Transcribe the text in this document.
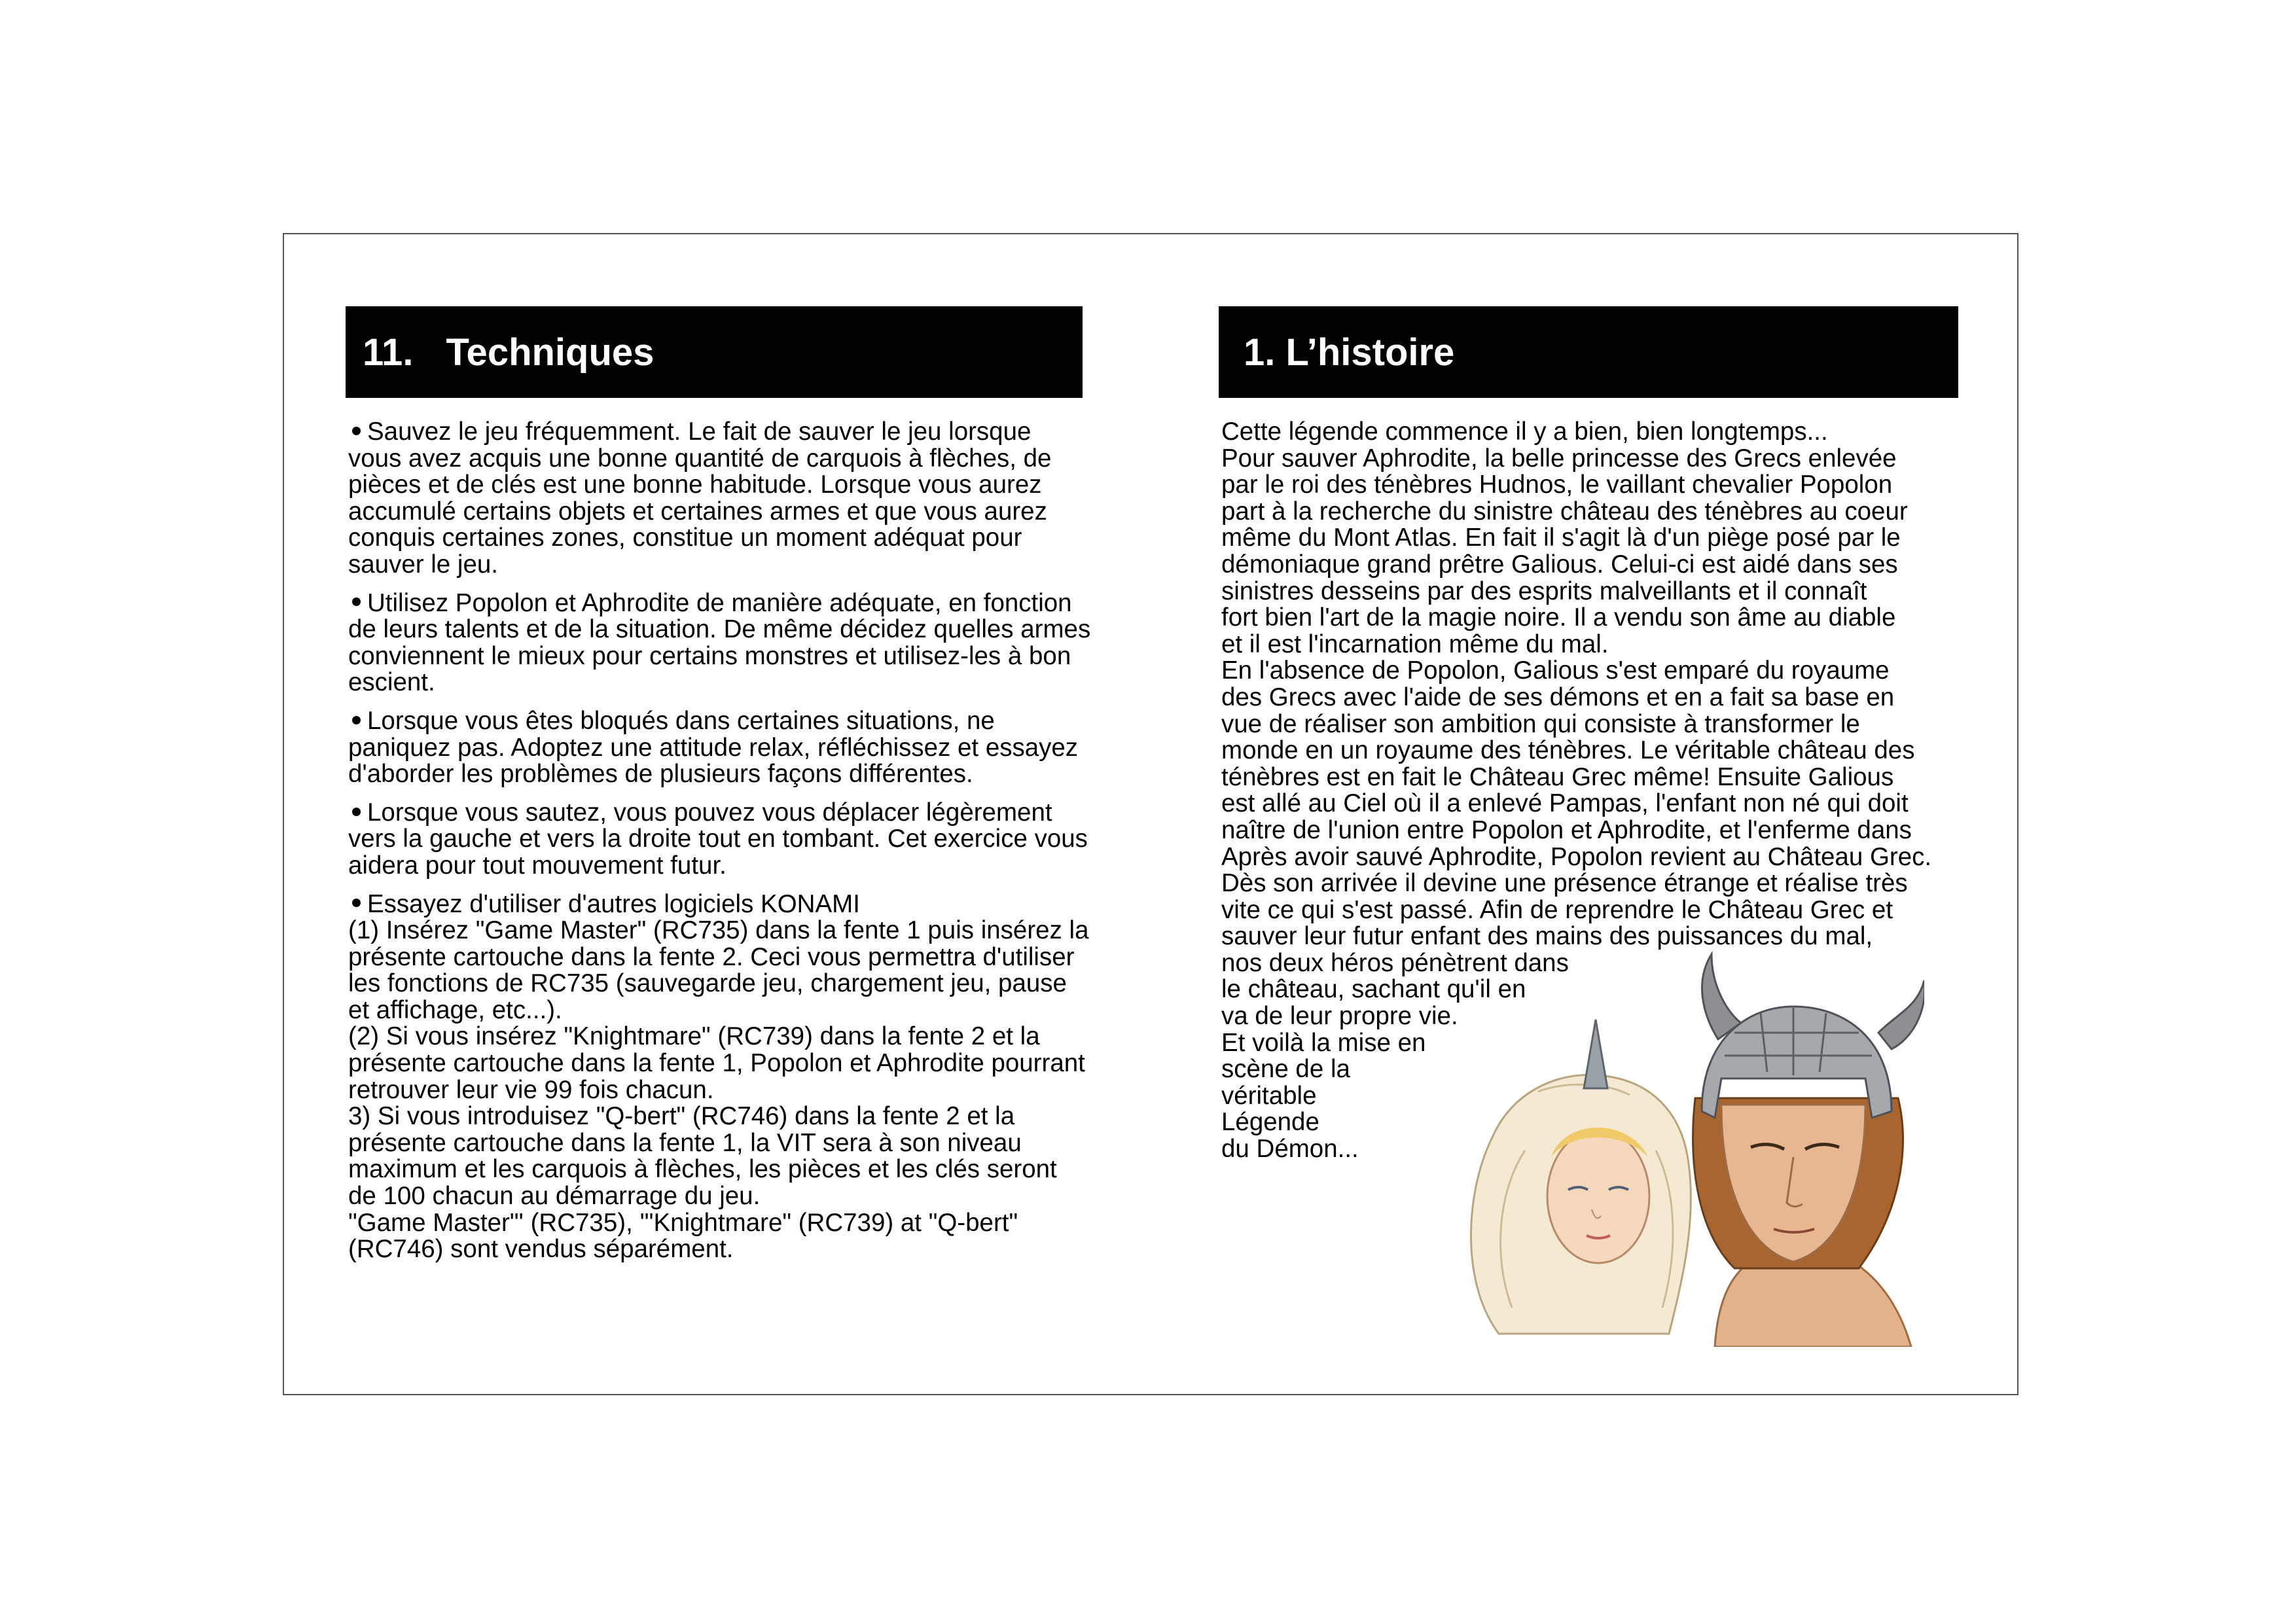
11. Techniques	1. L’histoire

Sauvez le jeu fréquemment. Le fait de sauver le jeu lorsque vous avez acquis une bonne quantité de carquois à flèches, de pièces et de clés est une bonne habitude. Lorsque vous aurez accumulé certains objets et certaines armes et que vous aurez conquis certaines zones, constitue un moment adéquat pour sauver le jeu.

Utilisez Popolon et Aphrodite de manière adéquate, en fonction de leurs talents et de la situation. De même décidez quelles armes conviennent le mieux pour certains monstres et utilisez-les à bon escient.

Lorsque vous êtes bloqués dans certaines situations, ne paniquez pas. Adoptez une attitude relax, réfléchissez et essayez d'aborder les problèmes de plusieurs façons différentes.

Lorsque vous sautez, vous pouvez vous déplacer légèrement vers la gauche et vers la droite tout en tombant. Cet exercice vous aidera pour tout mouvement futur.

Essayez d'utiliser d'autres logiciels KONAMI

(1) Insérez "Game Master" (RC735) dans la fente 1 puis insérez la présente cartouche dans la fente 2. Ceci vous permettra d'utiliser les fonctions de RC735 (sauvegarde jeu, chargement jeu, pause et affichage, etc...).

(2) Si vous insérez "Knightmare" (RC739) dans la fente 2 et la présente cartouche dans la fente 1, Popolon et Aphrodite pourrant retrouver leur vie 99 fois chacun.

3) Si vous introduisez "Q-bert" (RC746) dans la fente 2 et la présente cartouche dans la fente 1, la VIT sera à son niveau maximum et les carquois à flèches, les pièces et les clés seront de 100 chacun au démarrage du jeu.

"Game Master"' (RC735), '"Knightmare" (RC739) at "Q-bert" (RC746) sont vendus séparément.

Cette légende commence il y a bien, bien longtemps...
Pour sauver Aphrodite, la belle princesse des Grecs enlevée
par le roi des ténèbres Hudnos, le vaillant chevalier Popolon
part à la recherche du sinistre château des ténèbres au coeur
même du Mont Atlas. En fait il s'agit là d'un piège posé par le
démoniaque grand prêtre Galious. Celui-ci est aidé dans ses
sinistres desseins par des esprits malveillants et il connaît
fort bien l'art de la magie noire. Il a vendu son âme au diable
et il est l'incarnation même du mal.
En l'absence de Popolon, Galious s'est emparé du royaume
des Grecs avec l'aide de ses démons et en a fait sa base en
vue de réaliser son ambition qui consiste à transformer le
monde en un royaume des ténèbres. Le véritable château des
ténèbres est en fait le Château Grec même! Ensuite Galious
est allé au Ciel où il a enlevé Pampas, l'enfant non né qui doit
naître de l'union entre Popolon et Aphrodite, et l'enferme dans
Après avoir sauvé Aphrodite, Popolon revient au Château Grec.
Dès son arrivée il devine une présence étrange et réalise très
vite ce qui s'est passé. Afin de reprendre le Château Grec et
sauver leur futur enfant des mains des puissances du mal,
nos deux héros pénètrent dans
le château, sachant qu'il en
va de leur propre vie.
Et voilà la mise en
scène de la
véritable
Légende
du Démon...
